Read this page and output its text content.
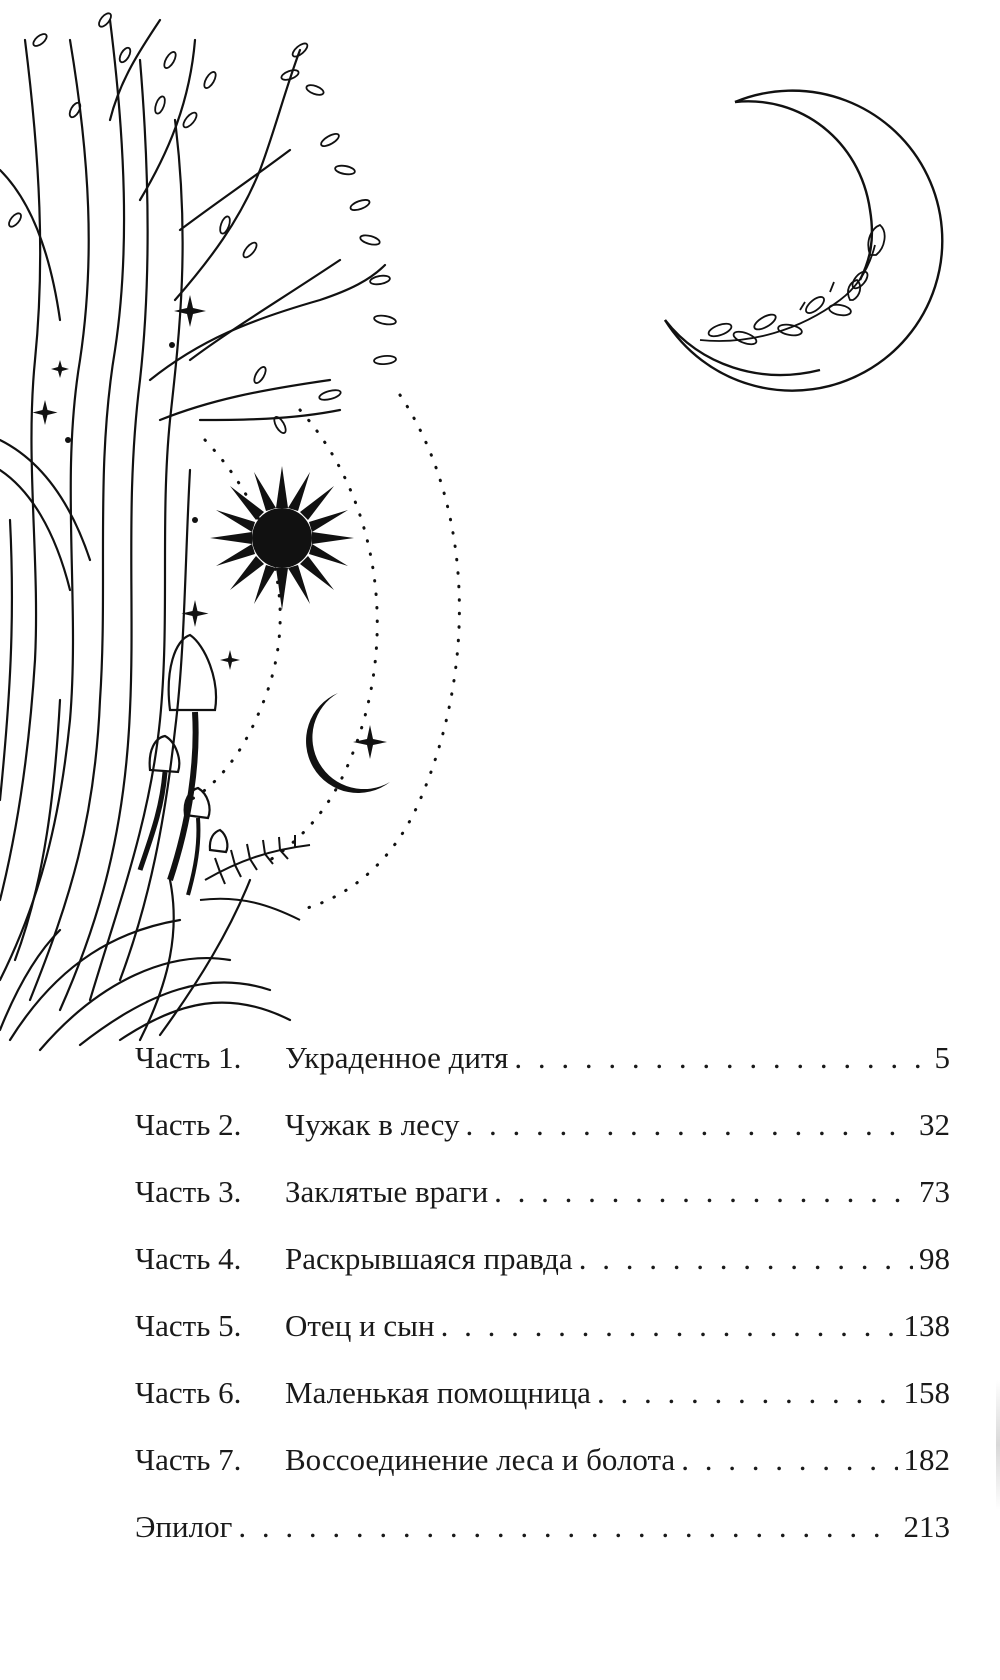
Часть 1.	Украденное дитя . . .	5
Часть 2.	Чужак в лесу . . .	32
Часть 3.	Заклятые враги . . .	73
Часть 4.	Раскрывшаяся правда . . .	98
Часть 5.	Отец и сын . . .	138
Часть 6.	Маленькая помощница . . .	158
Часть 7.	Воссоединение леса и болота . . .	182
Эпилог . . .	213
